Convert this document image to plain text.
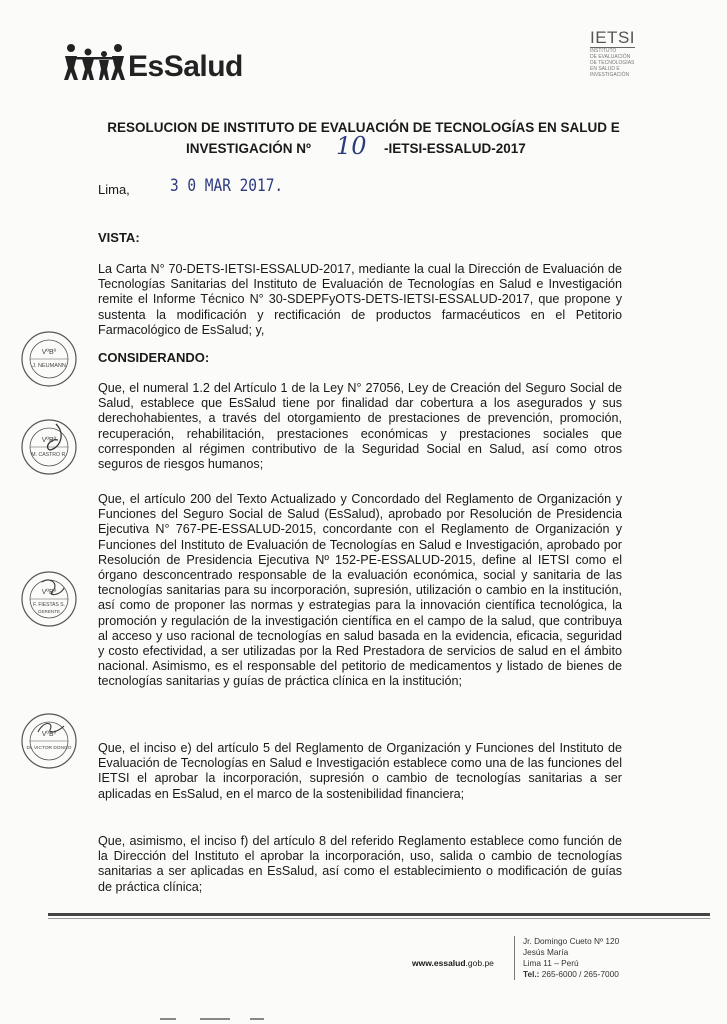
EsSalud
IETSI
INSTITUTO
DE EVALUACIÓN
DE TECNOLOGÍAS
EN SALUD E
INVESTIGACIÓN
RESOLUCION DE INSTITUTO DE EVALUACIÓN DE TECNOLOGÍAS EN SALUD E
INVESTIGACIÓN Nº 10 -IETSI-ESSALUD-2017
Lima, 3 0 MAR 2017.
VISTA:

La Carta N° 70-DETS-IETSI-ESSALUD-2017, mediante la cual la Dirección de Evaluación de Tecnologías Sanitarias del Instituto de Evaluación de Tecnologías en Salud e Investigación remite el Informe Técnico N° 30-SDEPFyOTS-DETS-IETSI-ESSALUD-2017, que propone y sustenta la modificación y rectificación de productos farmacéuticos en el Petitorio Farmacológico de EsSalud; y,

CONSIDERANDO:

Que, el numeral 1.2 del Artículo 1 de la Ley N° 27056, Ley de Creación del Seguro Social de Salud, establece que EsSalud tiene por finalidad dar cobertura a los asegurados y sus derechohabientes, a través del otorgamiento de prestaciones de prevención, promoción, recuperación, rehabilitación, prestaciones económicas y prestaciones sociales que corresponden al régimen contributivo de la Seguridad Social en Salud, así como otros seguros de riesgos humanos;

Que, el artículo 200 del Texto Actualizado y Concordado del Reglamento de Organización y Funciones del Seguro Social de Salud (EsSalud), aprobado por Resolución de Presidencia Ejecutiva N° 767-PE-ESSALUD-2015, concordante con el Reglamento de Organización y Funciones del Instituto de Evaluación de Tecnologías en Salud e Investigación, aprobado por Resolución de Presidencia Ejecutiva Nº 152-PE-ESSALUD-2015, define al IETSI como el órgano desconcentrado responsable de la evaluación económica, social y sanitaria de las tecnologías sanitarias para su incorporación, supresión, utilización o cambio en la institución, así como de proponer las normas y estrategias para la innovación científica tecnológica, la promoción y regulación de la investigación científica en el campo de la salud, que contribuya al acceso y uso racional de tecnologías en salud basada en la evidencia, eficacia, seguridad y costo efectividad, a ser utilizadas por la Red Prestadora de servicios de salud en el ámbito nacional. Asimismo, es el responsable del petitorio de medicamentos y listado de bienes de tecnologías sanitarias y guías de práctica clínica en la institución;

Que, el inciso e) del artículo 5 del Reglamento de Organización y Funciones del Instituto de Evaluación de Tecnologías en Salud e Investigación establece como una de las funciones del IETSI el aprobar la incorporación, supresión o cambio de tecnologías sanitarias a ser aplicadas en EsSalud, en el marco de la sostenibilidad financiera;

Que, asimismo, el inciso f) del artículo 8 del referido Reglamento establece como función de la Dirección del Instituto el aprobar la incorporación, uso, salida o cambio de tecnologías sanitarias a ser aplicadas en EsSalud, así como el establecimiento o modificación de guías de práctica clínica;

VºBº
J. NEUMANN
VºBº
M. CASTRO R.
VºBº
F. FIESTAS S.
GERENTE
VºBº
Dr. VICTOR DONGO
www.essalud.gob.pe
Jr. Domingo Cueto Nº 120
Jesús María
Lima 11 – Perú
Tel.: 265-6000 / 265-7000
